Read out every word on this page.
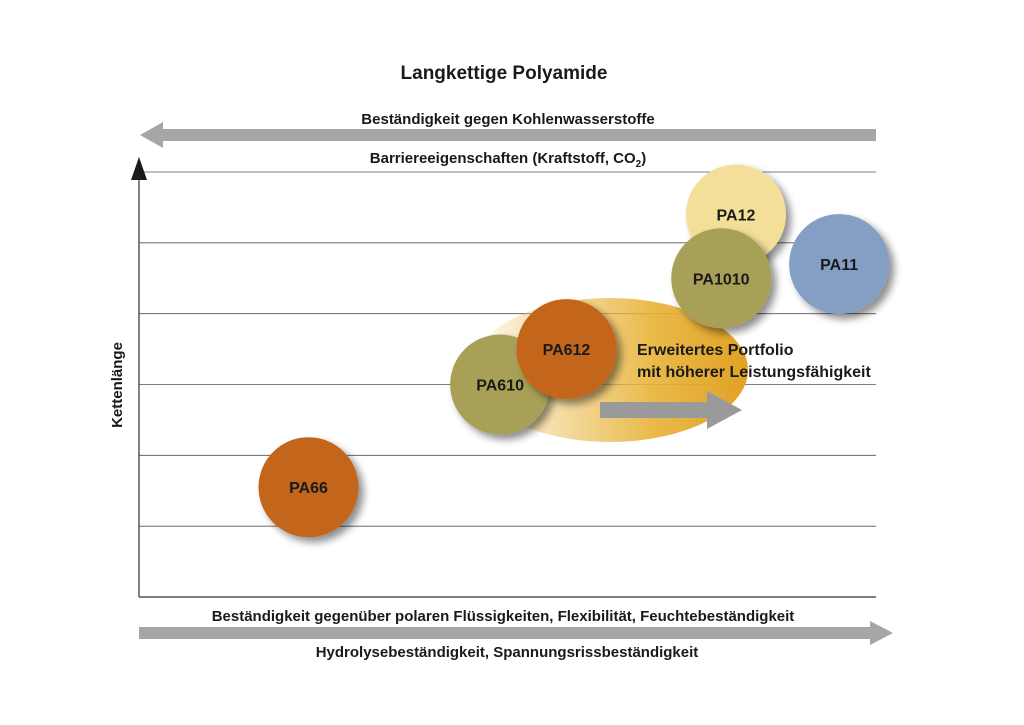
Langkettige Polyamide
Beständigkeit gegen Kohlenwasserstoffe
Barriereeigenschaften (Kraftstoff, $CO_2$)
Kettenlänge
PA66
PA610
PA612
PA11
PA12
PA1010
Erweitertes Portfolio
mit höherer Leistungsfähigkeit
Beständigkeit gegenüber polaren Flüssigkeiten, Flexibilität, Feuchtebeständigkeit
Hydrolysebeständigkeit, Spannungsrissbeständigkeit
